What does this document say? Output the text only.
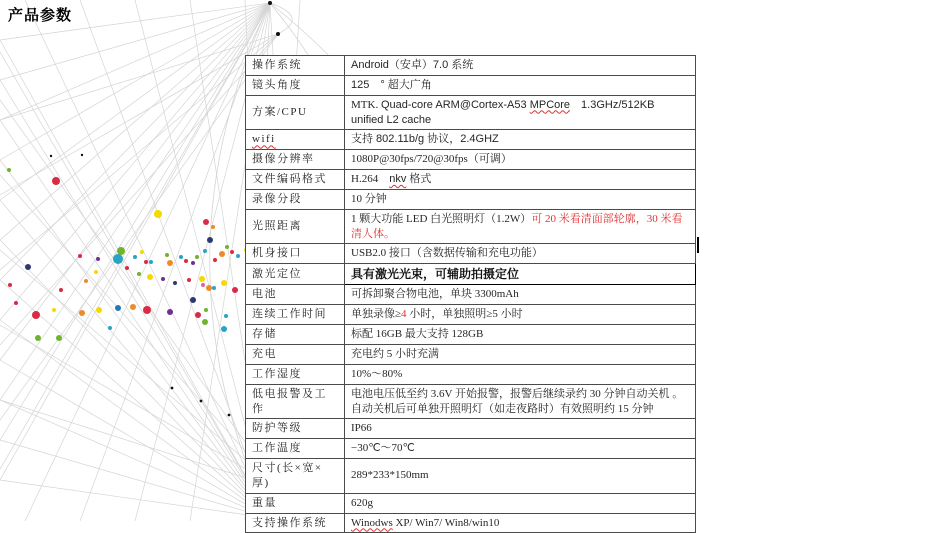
产品参数
操作系统	Android（安卓）7.0 系统
镜头角度	125　° 超大广角
方案/CPU	MTK. Quad-core ARM@Cortex-A53 MPCore　1.3GHz/512KB unified L2 cache
wifi	支持 802.11b/g 协议，2.4GHZ
摄像分辨率	1080P@30fps/720@30fps（可调）
文件编码格式	H.264　nkv 格式
录像分段	10 分钟
光照距离	1 颗大功能 LED 白光照明灯（1.2W）可 20 米看清面部轮廓，30 米看清人体。
机身接口	USB2.0 接口（含数据传输和充电功能）
激光定位	具有激光光束，可辅助拍摄定位
电池	可拆卸聚合物电池，单块 3300mAh
连续工作时间	单独录像≥4 小时，单独照明≥5 小时
存储	标配 16GB 最大支持 128GB
充电	充电约 5 小时充满
工作湿度	10%～80%
低电报警及工作	电池电压低至约 3.6V 开始报警，报警后继续录约 30 分钟自动关机 。
自动关机后可单独开照明灯（如走夜路时）有效照明约 15 分钟
防护等级	IP66
工作温度	−30℃～70℃
尺寸(长×宽×厚)	289*233*150mm
重量	620g
支持操作系统	Winodws XP/ Win7/ Win8/win10
